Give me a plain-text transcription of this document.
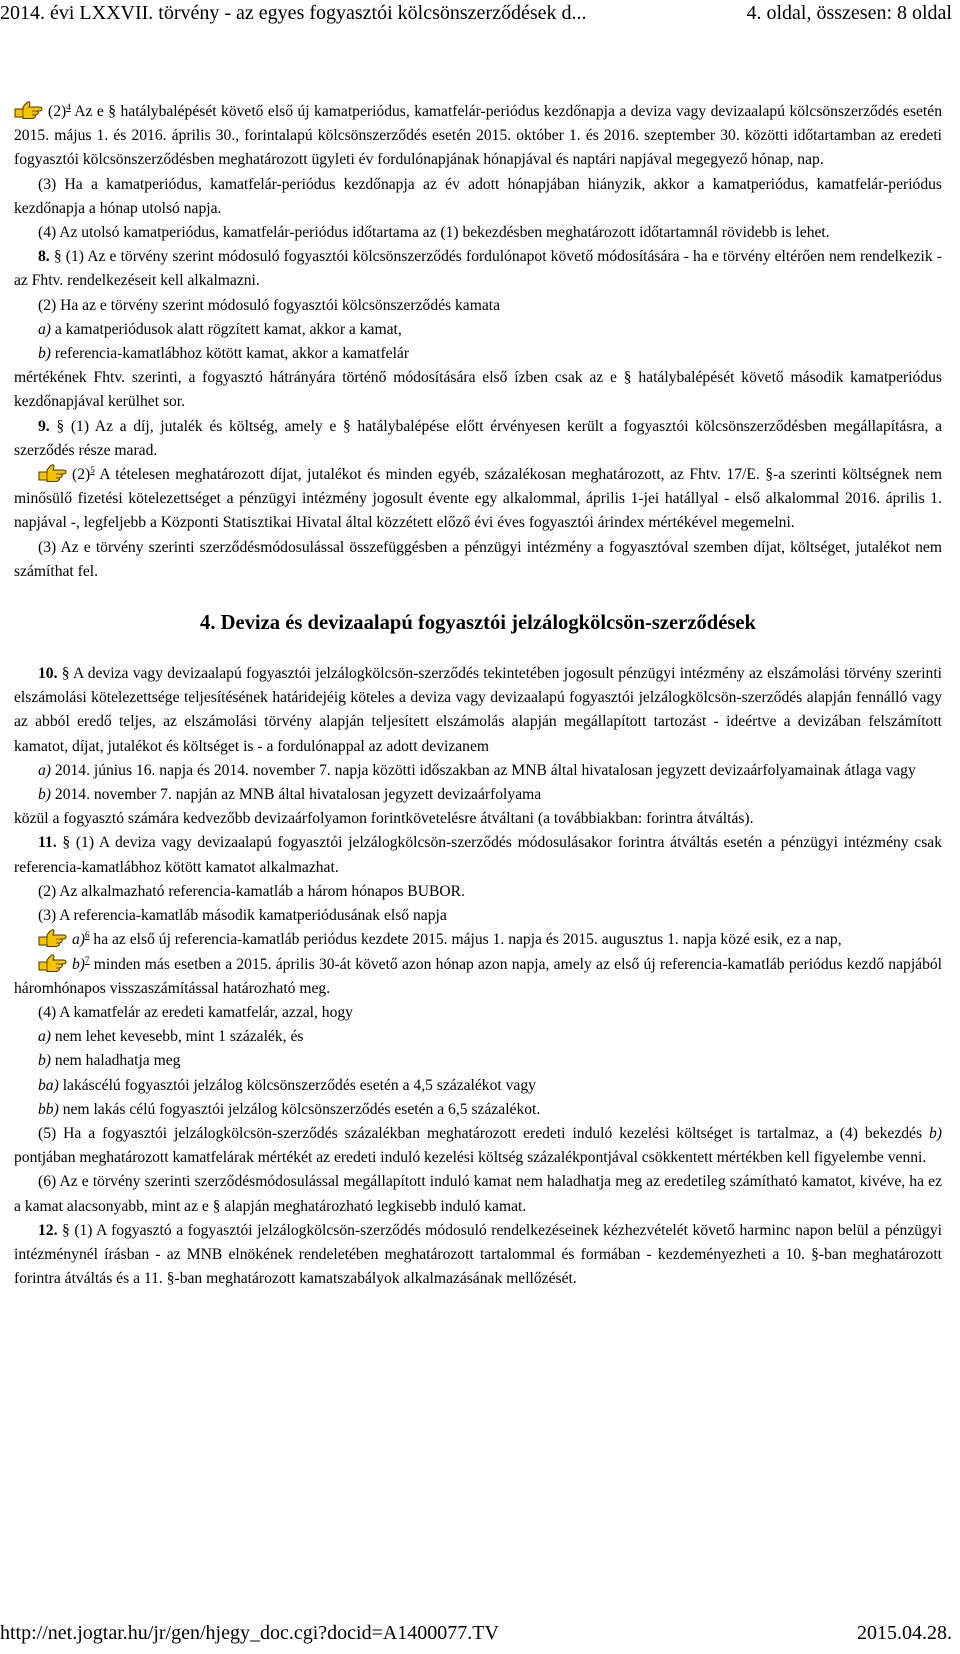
2014. évi LXXVII. törvény - az egyes fogyasztói kölcsönszerződések d...	4. oldal, összesen: 8 oldal

$(2)^4$ Az e § hatálybalépését követő első új kamatperiódus, kamatfelár-periódus kezdőnapja a deviza vagy devizaalapú kölcsönszerződés esetén 2015. május 1. és 2016. április 30., forintalapú kölcsönszerződés esetén 2015. október 1. és 2016. szeptember 30. közötti időtartamban az eredeti fogyasztói kölcsönszerződésben meghatározott ügyleti év fordulónapjának hónapjával és naptári napjával megegyező hónap, nap.

(3) Ha a kamatperiódus, kamatfelár-periódus kezdőnapja az év adott hónapjában hiányzik, akkor a kamatperiódus, kamatfelár-periódus kezdőnapja a hónap utolsó napja.

(4) Az utolsó kamatperiódus, kamatfelár-periódus időtartama az (1) bekezdésben meghatározott időtartamnál rövidebb is lehet.

8. § (1) Az e törvény szerint módosuló fogyasztói kölcsönszerződés fordulónapot követő módosítására - ha e törvény eltérően nem rendelkezik - az Fhtv. rendelkezéseit kell alkalmazni.

(2) Ha az e törvény szerint módosuló fogyasztói kölcsönszerződés kamata

a) a kamatperiódusok alatt rögzített kamat, akkor a kamat,

b) referencia-kamatlábhoz kötött kamat, akkor a kamatfelár

mértékének Fhtv. szerinti, a fogyasztó hátrányára történő módosítására első ízben csak az e § hatálybalépését követő második kamatperiódus kezdőnapjával kerülhet sor.

9. § (1) Az a díj, jutalék és költség, amely e § hatálybalépése előtt érvényesen került a fogyasztói kölcsönszerződésben megállapításra, a szerződés része marad.

$(2)^5$ A tételesen meghatározott díjat, jutalékot és minden egyéb, százalékosan meghatározott, az Fhtv. 17/E. §-a szerinti költségnek nem minősülő fizetési kötelezettséget a pénzügyi intézmény jogosult évente egy alkalommal, április 1-jei hatállyal - első alkalommal 2016. április 1. napjával -, legfeljebb a Központi Statisztikai Hivatal által közzétett előző évi éves fogyasztói árindex mértékével megemelni.

(3) Az e törvény szerinti szerződésmódosulással összefüggésben a pénzügyi intézmény a fogyasztóval szemben díjat, költséget, jutalékot nem számíthat fel.

4. Deviza és devizaalapú fogyasztói jelzálogkölcsön-szerződések

10. § A deviza vagy devizaalapú fogyasztói jelzálogkölcsön-szerződés tekintetében jogosult pénzügyi intézmény az elszámolási törvény szerinti elszámolási kötelezettsége teljesítésének határidejéig köteles a deviza vagy devizaalapú fogyasztói jelzálogkölcsön-szerződés alapján fennálló vagy az abból eredő teljes, az elszámolási törvény alapján teljesített elszámolás alapján megállapított tartozást - ideértve a devizában felszámított kamatot, díjat, jutalékot és költséget is - a fordulónappal az adott devizanem

a) 2014. június 16. napja és 2014. november 7. napja közötti időszakban az MNB által hivatalosan jegyzett devizaárfolyamainak átlaga vagy

b) 2014. november 7. napján az MNB által hivatalosan jegyzett devizaárfolyama

közül a fogyasztó számára kedvezőbb devizaárfolyamon forintkövetelésre átváltani (a továbbiakban: forintra átváltás).

11. § (1) A deviza vagy devizaalapú fogyasztói jelzálogkölcsön-szerződés módosulásakor forintra átváltás esetén a pénzügyi intézmény csak referencia-kamatlábhoz kötött kamatot alkalmazhat.

(2) Az alkalmazható referencia-kamatláb a három hónapos BUBOR.

(3) A referencia-kamatláb második kamatperiódusának első napja

a)$^6$ ha az első új referencia-kamatláb periódus kezdete 2015. május 1. napja és 2015. augusztus 1. napja közé esik, ez a nap,

b)$^7$ minden más esetben a 2015. április 30-át követő azon hónap azon napja, amely az első új referencia-kamatláb periódus kezdő napjából háromhónapos visszaszámítással határozható meg.

(4) A kamatfelár az eredeti kamatfelár, azzal, hogy

a) nem lehet kevesebb, mint 1 százalék, és

b) nem haladhatja meg

ba) lakáscélú fogyasztói jelzálog kölcsönszerződés esetén a 4,5 százalékot vagy

bb) nem lakás célú fogyasztói jelzálog kölcsönszerződés esetén a 6,5 százalékot.

(5) Ha a fogyasztói jelzálogkölcsön-szerződés százalékban meghatározott eredeti induló kezelési költséget is tartalmaz, a (4) bekezdés b) pontjában meghatározott kamatfelárak mértékét az eredeti induló kezelési költség százalékpontjával csökkentett mértékben kell figyelembe venni.

(6) Az e törvény szerinti szerződésmódosulással megállapított induló kamat nem haladhatja meg az eredetileg számítható kamatot, kivéve, ha ez a kamat alacsonyabb, mint az e § alapján meghatározható legkisebb induló kamat.

12. § (1) A fogyasztó a fogyasztói jelzálogkölcsön-szerződés módosuló rendelkezéseinek kézhezvételét követő harminc napon belül a pénzügyi intézménynél írásban - az MNB elnökének rendeletében meghatározott tartalommal és formában - kezdeményezheti a 10. §-ban meghatározott forintra átváltás és a 11. §-ban meghatározott kamatszabályok alkalmazásának mellőzését.

http://net.jogtar.hu/jr/gen/hjegy_doc.cgi?docid=A1400077.TV	2015.04.28.
